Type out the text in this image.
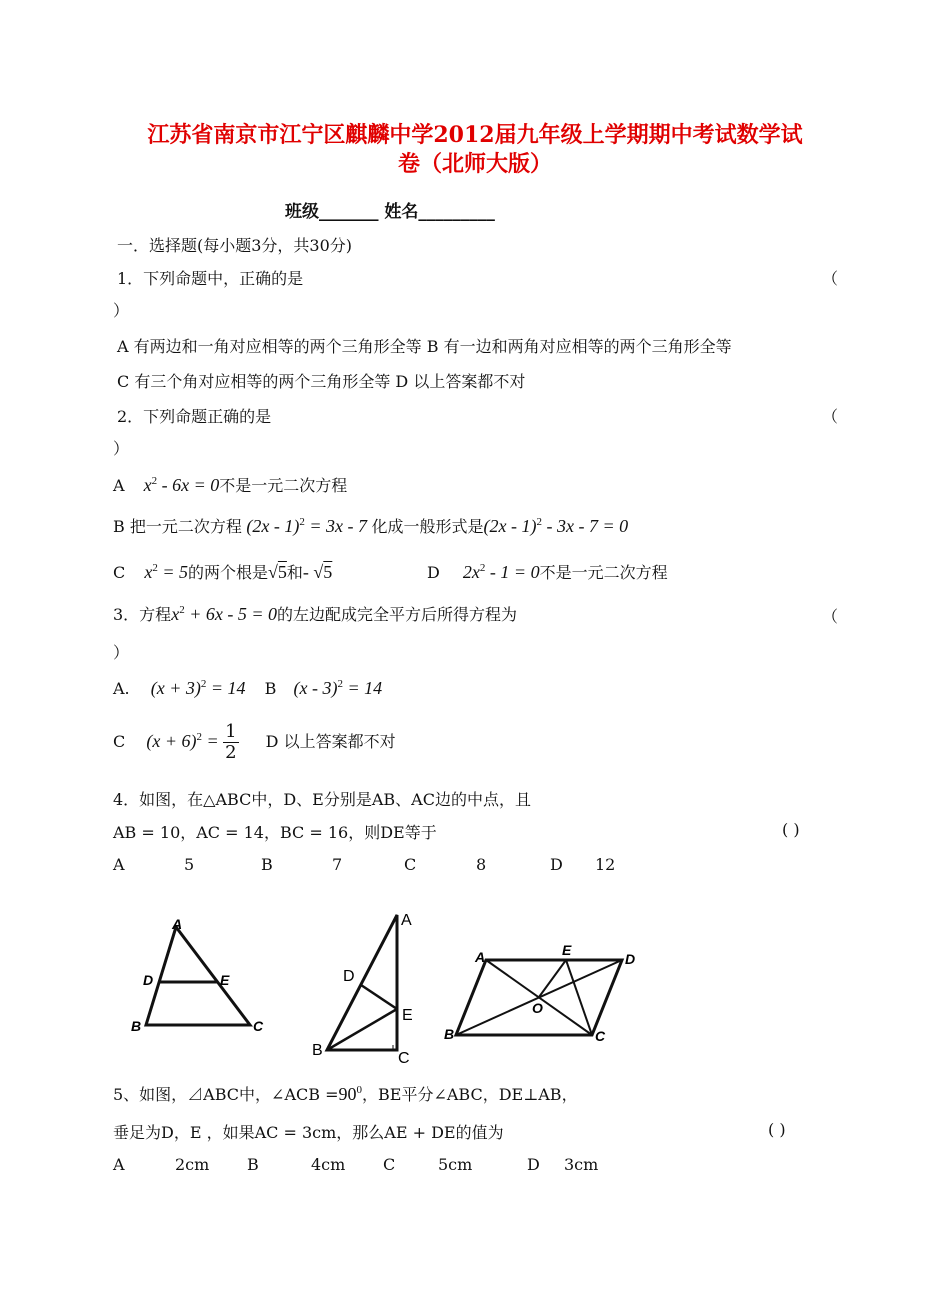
江苏省南京市江宁区麒麟中学2012届九年级上学期期中考试数学试
卷（北师大版）
班级_______ 姓名_________
一．选择题(每小题3分，共30分)
1．下列命题中，正确的是	（
）
A 有两边和一角对应相等的两个三角形全等 B 有一边和两角对应相等的两个三角形全等
C 有三个角对应相等的两个三角形全等 D 以上答案都不对
2．下列命题正确的是	（
）
A $x^2 - 6x = 0$不是一元二次方程
B 把一元二次方程 (2x - 1)$^2$ = 3x - 7 化成一般形式是(2x - 1)$^2$ - 3x - 7 = 0
C $x^2 = 5$的两个根是√5和- √5	D $2x^2 - 1 = 0$不是一元二次方程
3．方程$x^2 + 6x - 5 = 0$的左边配成完全平方后所得方程为	（
）
A. $(x + 3)^2 = 14$ B (x - 3)$^2$ = 14
C $(x + 6)^2 = \frac{1}{2}$ D 以上答案都不对
4．如图，在△ABC中，D、E分别是AB、AC边的中点，且
AB = 10，AC = 14，BC = 16，则DE等于	( )
A	5	B	7	C	8	D 12
A
D	E
B	C
A
D
E
B	C
A	E
D
O
B	C
5、如图，⊿ABC中，∠ACB $=90^0$，BE平分∠ABC，DE⊥AB，
垂足为D，E ，如果AC = 3cm，那么AE + DE的值为	( )
A	2cm B	4cm C	5cm	D 3cm
